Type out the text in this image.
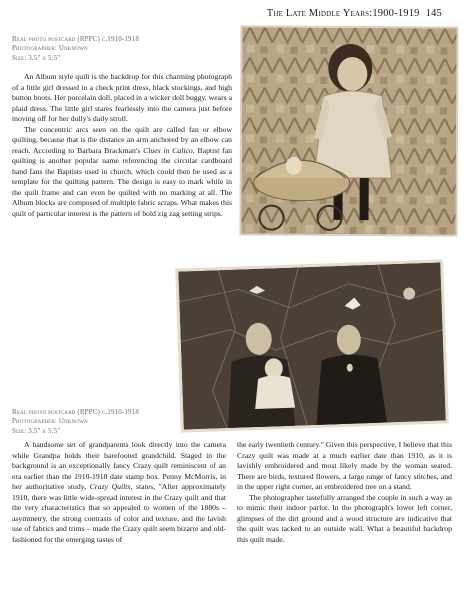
The Late Middle Years:1900-1919 145
Real photo postcard (RPPC) c.1910-1918
Photographer: Unknown
Size: 3.5" x 5.5"

An Album style quilt is the backdrop for this charming photograph of a little girl dressed in a check print dress, black stockings, and high button boots. Her porcelain doll, placed in a wicker doll buggy, wears a plaid dress. The little girl stares fearlessly into the camera just before moving off for her dolly's daily stroll.

The concentric arcs seen on the quilt are called fan or elbow quilting, because that is the distance an arm anchored by an elbow can reach. According to Barbara Brackman's Clues in Calico, Baptist fan quilting is another popular name referencing the circular cardboard hand fans the Baptists used in church, which could then be used as a template for the quilting pattern. The design is easy to mark while in the quilt frame and can even be quilted with no marking at all. The Album blocks are composed of multiple fabric scraps. What makes this quilt of particular interest is the pattern of bold zig zag setting strips.

Real photo postcard (RPPC) c.1910-1918
Photographer: Unknown
Size: 3.5" x 5.5"

A handsome set of grandparents look directly into the camera while Grandpa holds their barefooted grandchild. Staged in the background is an exceptionally fancy Crazy quilt reminiscent of an era earlier than the 1910-1918 date stamp box. Penny McMorris, in her authoritative study, Crazy Quilts, states, "After approximately 1910, there was little wide-spread interest in the Crazy quilt and that the very characteristics that so appealed to women of the 1880s – asymmetry, the strong contrasts of color and texture, and the lavish use of fabrics and trims – made the Crazy quilt seem bizarre and old-fashioned for the emerging tastes of

the early twentieth century." Given this perspective, I believe that this Crazy quilt was made at a much earlier date than 1910, as it is lavishly embroidered and most likely made by the woman seated. There are birds, textured flowers, a large range of fancy stitches, and in the upper right corner, an embroidered tree on a stand.

The photographer tastefully arranged the couple in such a way as to mimic their indoor parlor. In the photograph's lower left corner, glimpses of the dirt ground and a wood structure are indicative that the quilt was tacked to an outside wall. What a beautiful backdrop this quilt made.
